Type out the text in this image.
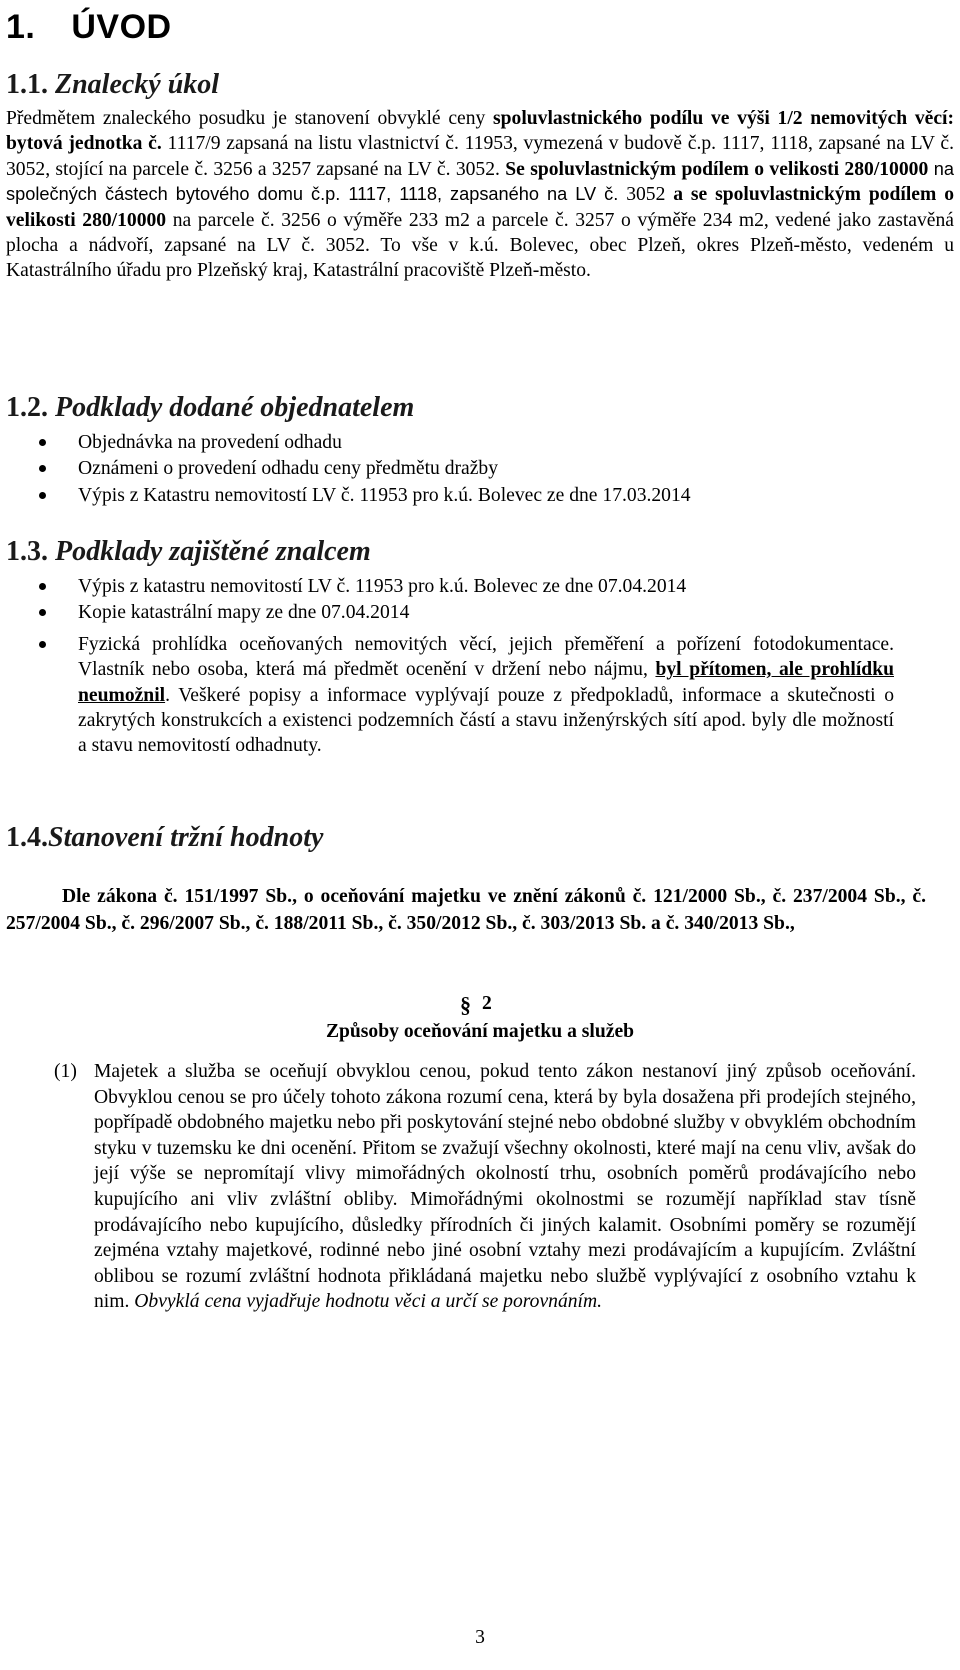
1. ÚVOD
1.1. Znalecký úkol

Předmětem znaleckého posudku je stanovení obvyklé ceny spoluvlastnického podílu ve výši 1/2 nemovitých věcí: bytová jednotka č. 1117/9 zapsaná na listu vlastnictví č. 11953, vymezená v budově č.p. 1117, 1118, zapsané na LV č. 3052, stojící na parcele č. 3256 a 3257 zapsané na LV č. 3052. Se spoluvlastnickým podílem o velikosti 280/10000 na společných částech bytového domu č.p. 1117, 1118, zapsaného na LV č. 3052 a se spoluvlastnickým podílem o velikosti 280/10000 na parcele č. 3256 o výměře 233 m2 a parcele č. 3257 o výměře 234 m2, vedené jako zastavěná plocha a nádvoří, zapsané na LV č. 3052. To vše v k.ú. Bolevec, obec Plzeň, okres Plzeň-město, vedeném u Katastrálního úřadu pro Plzeňský kraj, Katastrální pracoviště Plzeň-město.

1.2. Podklady dodané objednatelem
Objednávka na provedení odhadu
Oznámeni o provedení odhadu ceny předmětu dražby
Výpis z Katastru nemovitostí LV č. 11953 pro k.ú. Bolevec ze dne 17.03.2014
1.3. Podklady zajištěné znalcem
Výpis z katastru nemovitostí LV č. 11953 pro k.ú. Bolevec ze dne 07.04.2014
Kopie katastrální mapy ze dne 07.04.2014
Fyzická prohlídka oceňovaných nemovitých věcí, jejich přeměření a pořízení fotodokumentace. Vlastník nebo osoba, která má předmět ocenění v držení nebo nájmu, byl přítomen, ale prohlídku neumožnil. Veškeré popisy a informace vyplývají pouze z předpokladů, informace a skutečnosti o zakrytých konstrukcích a existenci podzemních částí a stavu inženýrských sítí apod. byly dle možností a stavu nemovitostí odhadnuty.
1.4.Stanovení tržní hodnoty

Dle zákona č. 151/1997 Sb., o oceňování majetku ve znění zákonů č. 121/2000 Sb., č. 237/2004 Sb., č. 257/2004 Sb., č. 296/2007 Sb., č. 188/2011 Sb., č. 350/2012 Sb., č. 303/2013 Sb. a č. 340/2013 Sb.,

§ 2

Způsoby oceňování majetku a služeb

(1) Majetek a služba se oceňují obvyklou cenou, pokud tento zákon nestanoví jiný způsob oceňování. Obvyklou cenou se pro účely tohoto zákona rozumí cena, která by byla dosažena při prodejích stejného, popřípadě obdobného majetku nebo při poskytování stejné nebo obdobné služby v obvyklém obchodním styku v tuzemsku ke dni ocenění. Přitom se zvažují všechny okolnosti, které mají na cenu vliv, avšak do její výše se nepromítají vlivy mimořádných okolností trhu, osobních poměrů prodávajícího nebo kupujícího ani vliv zvláštní obliby. Mimořádnými okolnostmi se rozumějí například stav tísně prodávajícího nebo kupujícího, důsledky přírodních či jiných kalamit. Osobními poměry se rozumějí zejména vztahy majetkové, rodinné nebo jiné osobní vztahy mezi prodávajícím a kupujícím. Zvláštní oblibou se rozumí zvláštní hodnota přikládaná majetku nebo službě vyplývající z osobního vztahu k nim. Obvyklá cena vyjadřuje hodnotu věci a určí se porovnáním.
3
